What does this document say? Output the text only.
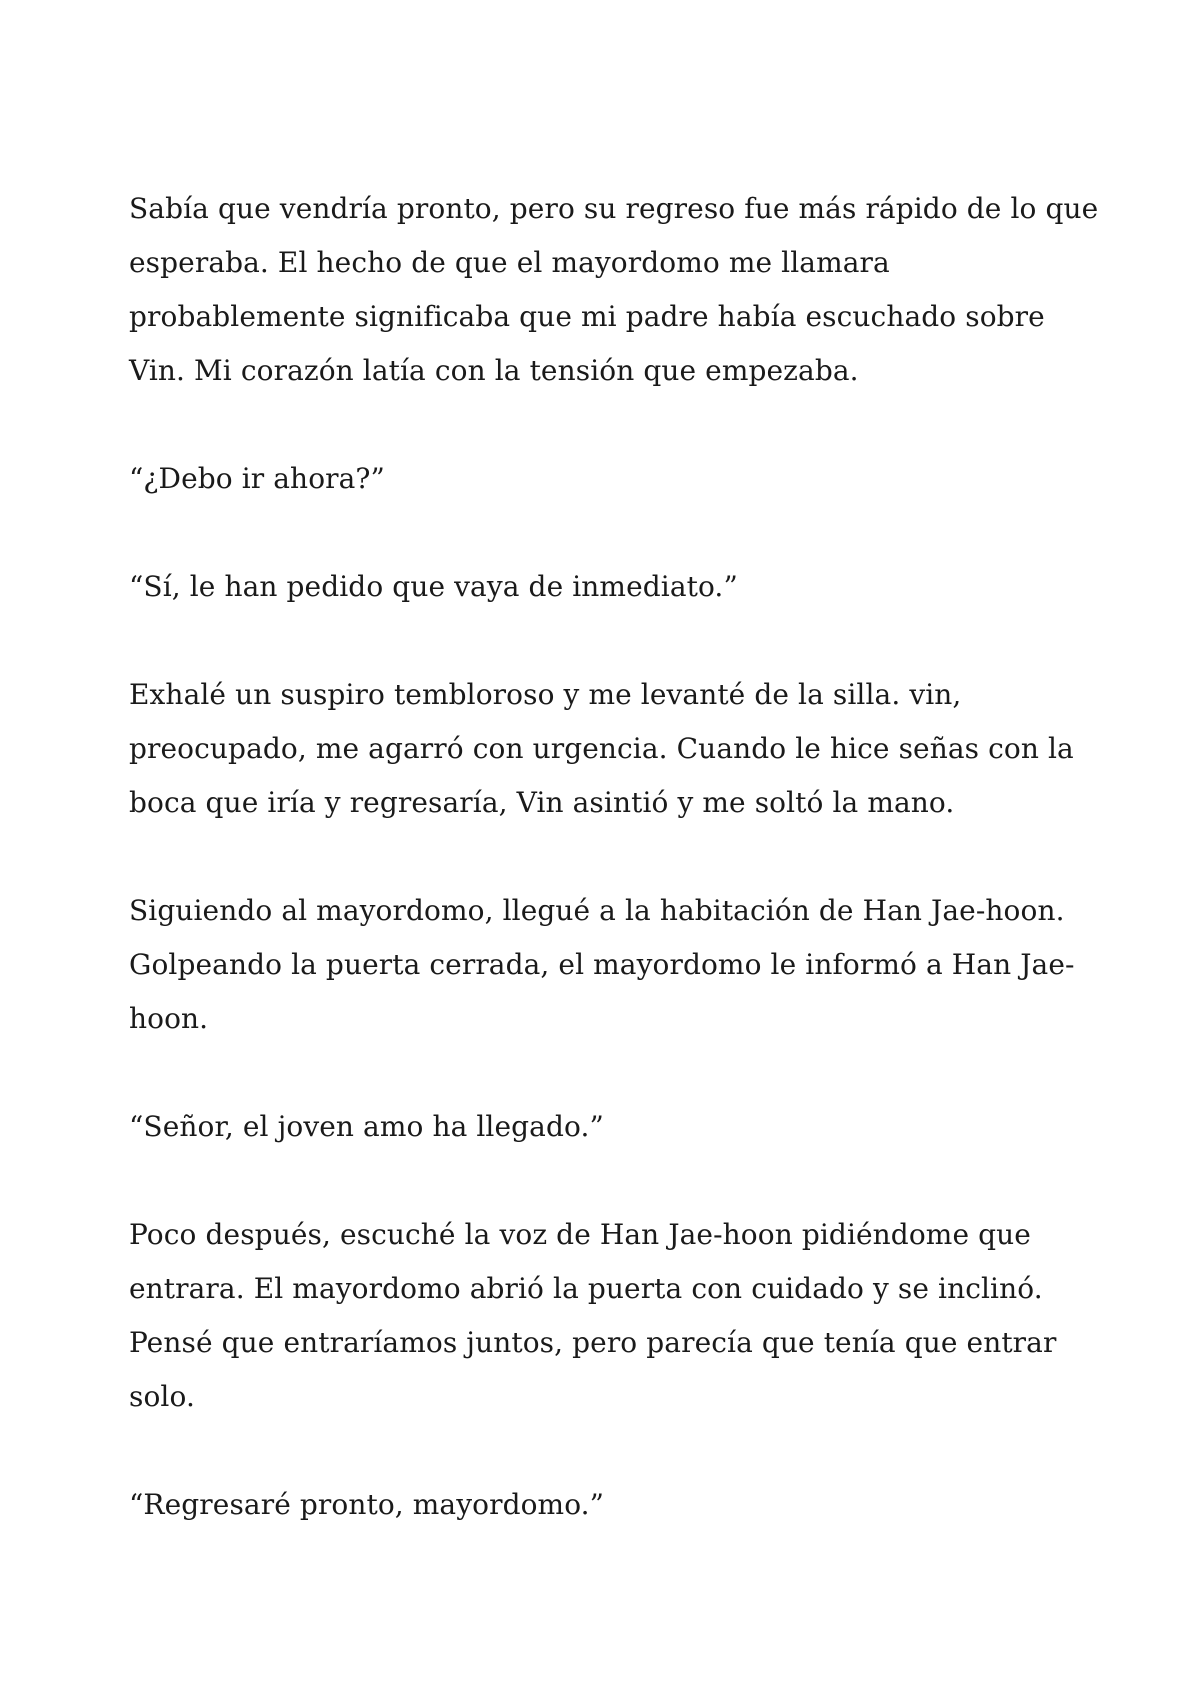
Sabía que vendría pronto, pero su regreso fue más rápido de lo que
esperaba. El hecho de que el mayordomo me llamara
probablemente significaba que mi padre había escuchado sobre
Vin. Mi corazón latía con la tensión que empezaba.

“¿Debo ir ahora?”

“Sí, le han pedido que vaya de inmediato.”

Exhalé un suspiro tembloroso y me levanté de la silla. vin,
preocupado, me agarró con urgencia. Cuando le hice señas con la
boca que iría y regresaría, Vin asintió y me soltó la mano.

Siguiendo al mayordomo, llegué a la habitación de Han Jae-hoon.
Golpeando la puerta cerrada, el mayordomo le informó a Han Jae-
hoon.

“Señor, el joven amo ha llegado.”

Poco después, escuché la voz de Han Jae-hoon pidiéndome que
entrara. El mayordomo abrió la puerta con cuidado y se inclinó.
Pensé que entraríamos juntos, pero parecía que tenía que entrar
solo.

“Regresaré pronto, mayordomo.”
